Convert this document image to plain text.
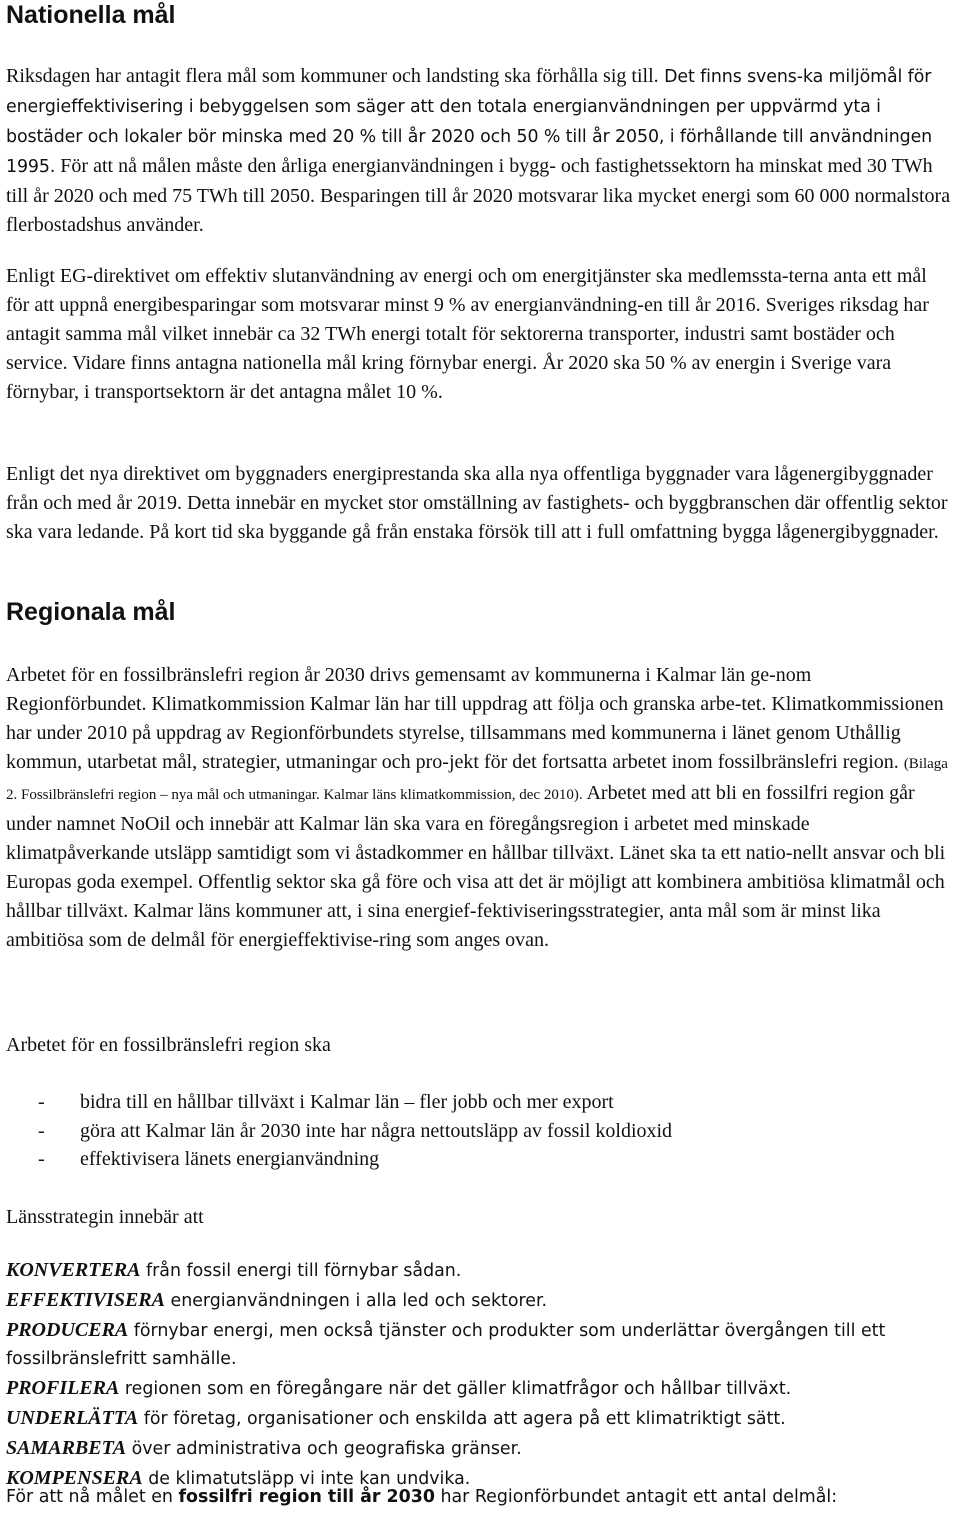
Nationella mål

Riksdagen har antagit flera mål som kommuner och landsting ska förhålla sig till. Det finns svens-ka miljömål för energieffektivisering i bebyggelsen som säger att den totala energianvändningen per uppvärmd yta i bostäder och lokaler bör minska med 20 % till år 2020 och 50 % till år 2050, i förhållande till användningen 1995. För att nå målen måste den årliga energianvändningen i bygg- och fastighetssektorn ha minskat med 30 TWh till år 2020 och med 75 TWh till 2050. Besparingen till år 2020 motsvarar lika mycket energi som 60 000 normalstora flerbostadshus använder.

Enligt EG-direktivet om effektiv slutanvändning av energi och om energitjänster ska medlemssta-terna anta ett mål för att uppnå energibesparingar som motsvarar minst 9 % av energianvändning-en till år 2016. Sveriges riksdag har antagit samma mål vilket innebär ca 32 TWh energi totalt för sektorerna transporter, industri samt bostäder och service. Vidare finns antagna nationella mål kring förnybar energi. År 2020 ska 50 % av energin i Sverige vara förnybar, i transportsektorn är det antagna målet 10 %.

Enligt det nya direktivet om byggnaders energiprestanda ska alla nya offentliga byggnader vara lågenergibyggnader från och med år 2019. Detta innebär en mycket stor omställning av fastighets- och byggbranschen där offentlig sektor ska vara ledande. På kort tid ska byggande gå från enstaka försök till att i full omfattning bygga lågenergibyggnader.

Regionala mål

Arbetet för en fossilbränslefri region år 2030 drivs gemensamt av kommunerna i Kalmar län ge-nom Regionförbundet. Klimatkommission Kalmar län har till uppdrag att följa och granska arbe-tet. Klimatkommissionen har under 2010 på uppdrag av Regionförbundets styrelse, tillsammans med kommunerna i länet genom Uthållig kommun, utarbetat mål, strategier, utmaningar och pro-jekt för det fortsatta arbetet inom fossilbränslefri region. (Bilaga 2. Fossilbränslefri region – nya mål och utmaningar. Kalmar läns klimatkommission, dec 2010). Arbetet med att bli en fossilfri region går under namnet NoOil och innebär att Kalmar län ska vara en föregångsregion i arbetet med minskade klimatpåverkande utsläpp samtidigt som vi åstadkommer en hållbar tillväxt. Länet ska ta ett natio-nellt ansvar och bli Europas goda exempel. Offentlig sektor ska gå före och visa att det är möjligt att kombinera ambitiösa klimatmål och hållbar tillväxt. Kalmar läns kommuner att, i sina energief-fektiviseringsstrategier, anta mål som är minst lika ambitiösa som de delmål för energieffektivise-ring som anges ovan.

Arbetet för en fossilbränslefri region ska

- bidra till en hållbar tillväxt i Kalmar län – fler jobb och mer export
- göra att Kalmar län år 2030 inte har några nettoutsläpp av fossil koldioxid
- effektivisera länets energianvändning

Länsstrategin innebär att

KONVERTERA från fossil energi till förnybar sådan.
EFFEKTIVISERA energianvändningen i alla led och sektorer.
PRODUCERA förnybar energi, men också tjänster och produkter som underlättar övergången till ett fossilbränslefritt samhälle.
PROFILERA regionen som en föregångare när det gäller klimatfrågor och hållbar tillväxt.
UNDERLÄTTA för företag, organisationer och enskilda att agera på ett klimatriktigt sätt.
SAMARBETA över administrativa och geografiska gränser.
KOMPENSERA de klimatutsläpp vi inte kan undvika.

För att nå målet en fossilfri region till år 2030 har Regionförbundet antagit ett antal delmål:
